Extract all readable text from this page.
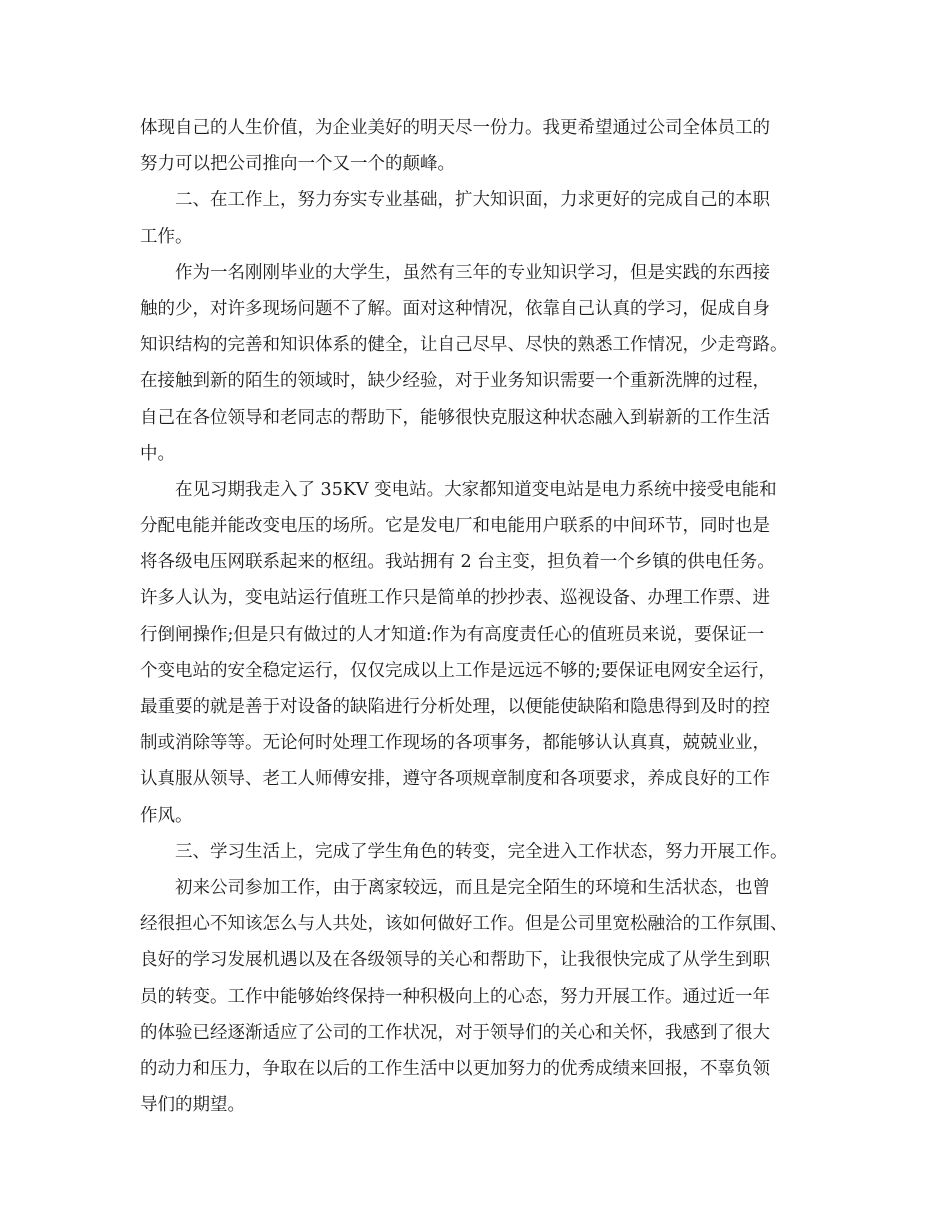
体现自己的人生价值，为企业美好的明天尽一份力。我更希望通过公司全体员工的
努力可以把公司推向一个又一个的颠峰。
二、在工作上，努力夯实专业基础，扩大知识面，力求更好的完成自己的本职
工作。
作为一名刚刚毕业的大学生，虽然有三年的专业知识学习，但是实践的东西接
触的少，对许多现场问题不了解。面对这种情况，依靠自己认真的学习，促成自身
知识结构的完善和知识体系的健全，让自己尽早、尽快的熟悉工作情况，少走弯路。
在接触到新的陌生的领域时，缺少经验，对于业务知识需要一个重新洗牌的过程，
自己在各位领导和老同志的帮助下，能够很快克服这种状态融入到崭新的工作生活
中。
在见习期我走入了 35KV 变电站。大家都知道变电站是电力系统中接受电能和
分配电能并能改变电压的场所。它是发电厂和电能用户联系的中间环节，同时也是
将各级电压网联系起来的枢纽。我站拥有 2 台主变，担负着一个乡镇的供电任务。
许多人认为，变电站运行值班工作只是简单的抄抄表、巡视设备、办理工作票、进
行倒闸操作;但是只有做过的人才知道:作为有高度责任心的值班员来说，要保证一
个变电站的安全稳定运行，仅仅完成以上工作是远远不够的;要保证电网安全运行，
最重要的就是善于对设备的缺陷进行分析处理，以便能使缺陷和隐患得到及时的控
制或消除等等。无论何时处理工作现场的各项事务，都能够认认真真，兢兢业业，
认真服从领导、老工人师傅安排，遵守各项规章制度和各项要求，养成良好的工作
作风。
三、学习生活上，完成了学生角色的转变，完全进入工作状态，努力开展工作。
初来公司参加工作，由于离家较远，而且是完全陌生的环境和生活状态，也曾
经很担心不知该怎么与人共处，该如何做好工作。但是公司里宽松融洽的工作氛围、
良好的学习发展机遇以及在各级领导的关心和帮助下，让我很快完成了从学生到职
员的转变。工作中能够始终保持一种积极向上的心态，努力开展工作。通过近一年
的体验已经逐渐适应了公司的工作状况，对于领导们的关心和关怀，我感到了很大
的动力和压力，争取在以后的工作生活中以更加努力的优秀成绩来回报，不辜负领
导们的期望。
